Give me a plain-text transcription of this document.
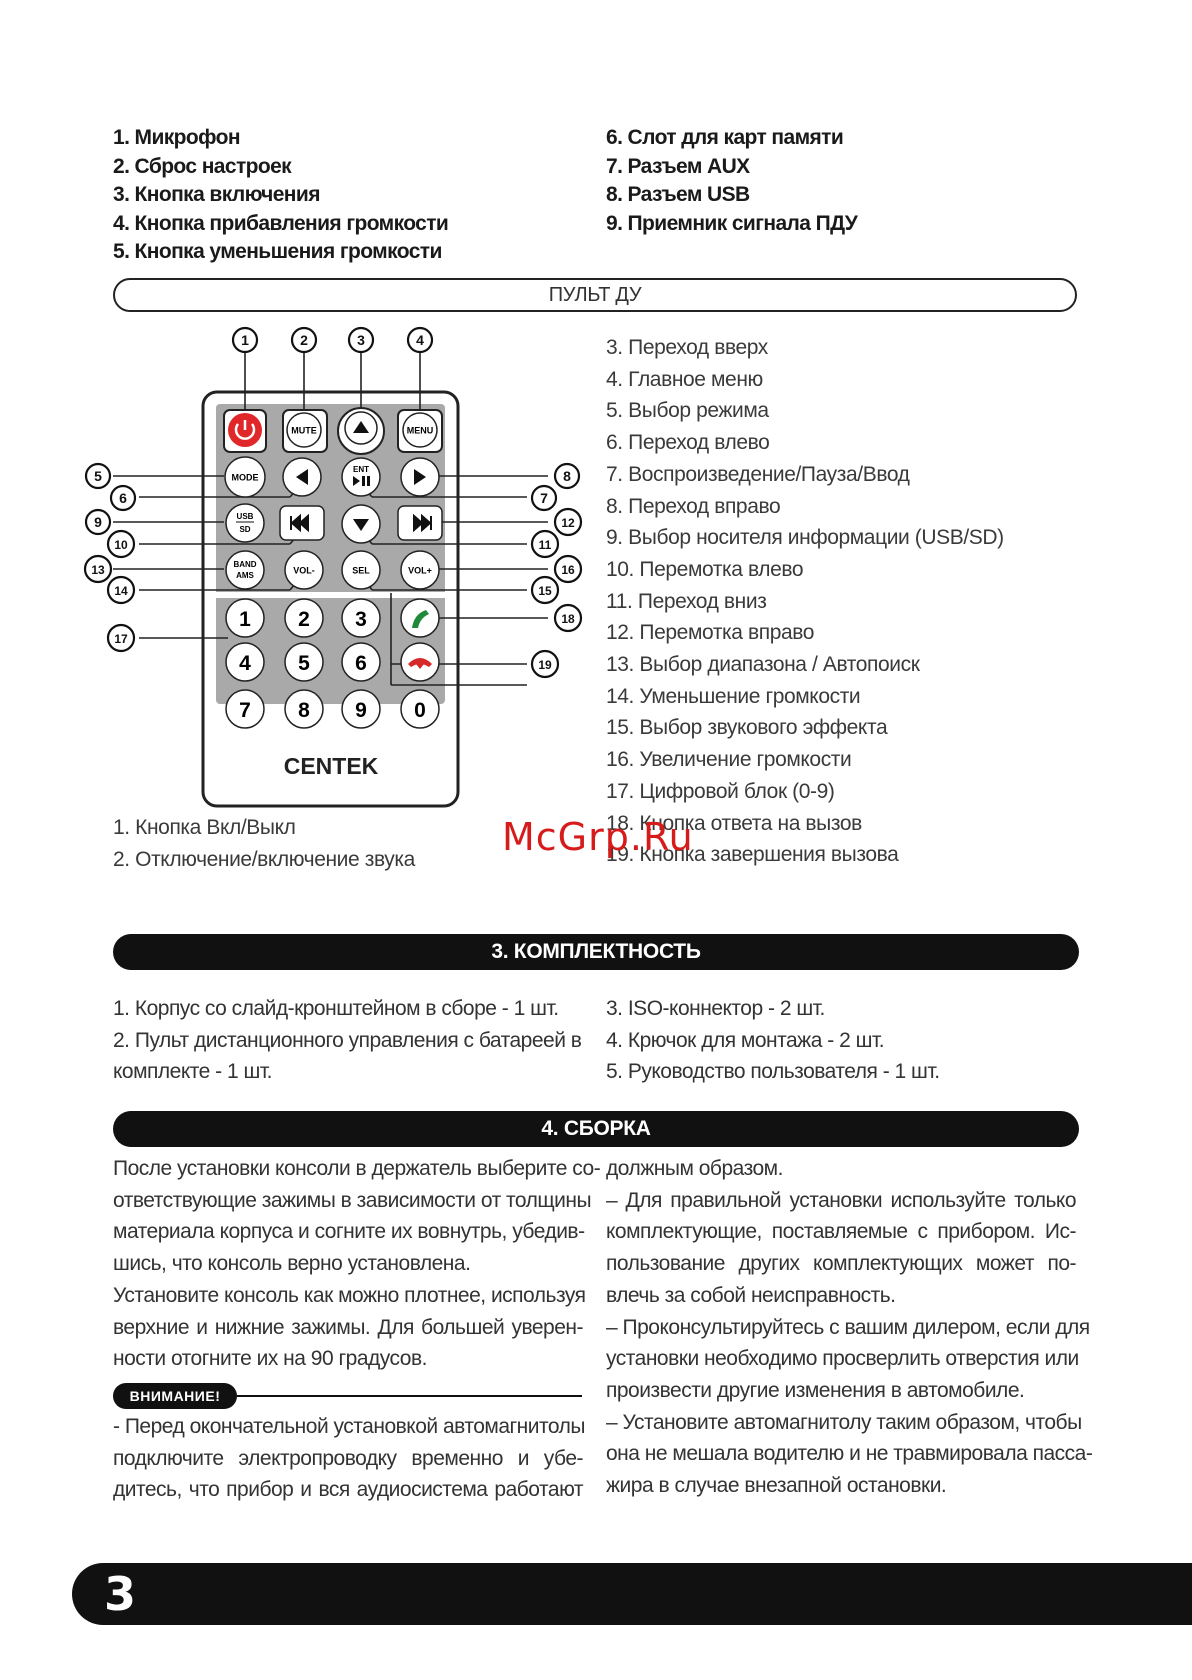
1. Микрофон
2. Сброс настроек
3. Кнопка включения
4. Кнопка прибавления громкости
5. Кнопка уменьшения громкости
6. Слот для карт памяти
7. Разъем AUX
8. Разъем USB
9. Приемник сигнала ПДУ
ПУЛЬТ ДУ
MUTE	MENU
MODE
ENT
USB
SD
BAND
AMS	VOL-	SEL	VOL+
1 2 3
4 5 6
7 8 9 0
CENTEK
1	2	3	4
5
6	7
8
9
10	11
12
13
14	15
16
17
18
19
3. Переход вверх
4. Главное меню
5. Выбор режима
6. Переход влево
7. Воспроизведение/Пауза/Ввод
8. Переход вправо
9. Выбор носителя информации (USB/SD)
10. Перемотка влево
11. Переход вниз
12. Перемотка вправо
13. Выбор диапазона / Автопоиск
14. Уменьшение громкости
15. Выбор звукового эффекта
16. Увеличение громкости
17. Цифровой блок (0-9)
18. Кнопка ответа на вызов
19. Кнопка завершения вызова
1. Кнопка Вкл/Выкл
2. Отключение/включение звука
McGrp.Ru
3. КОМПЛЕКТНОСТЬ
1. Корпус со слайд-кронштейном в сборе - 1 шт.
2. Пульт дистанционного управления с батареей в
комплекте - 1 шт.
3. ISO-коннектор - 2 шт.
4. Крючок для монтажа - 2 шт.
5. Руководство пользователя - 1 шт.
4. СБОРКА
После установки консоли в держатель выберите со-
ответствующие зажимы в зависимости от толщины
материала корпуса и согните их вовнутрь, убедив-
шись, что консоль верно установлена.
Установите консоль как можно плотнее, используя
верхние и нижние зажимы. Для большей уверен-
ности отогните их на 90 градусов.
ВНИМАНИЕ!
- Перед окончательной установкой автомагнитолы
подключите электропроводку временно и убе-
дитесь, что прибор и вся аудиосистема работают
должным образом.
– Для правильной установки используйте только
комплектующие, поставляемые с прибором. Ис-
пользование других комплектующих может по-
влечь за собой неисправность.
– Проконсультируйтесь с вашим дилером, если для
установки необходимо просверлить отверстия или
произвести другие изменения в автомобиле.
– Установите автомагнитолу таким образом, чтобы
она не мешала водителю и не травмировала пасса-
жира в случае внезапной остановки.
3
